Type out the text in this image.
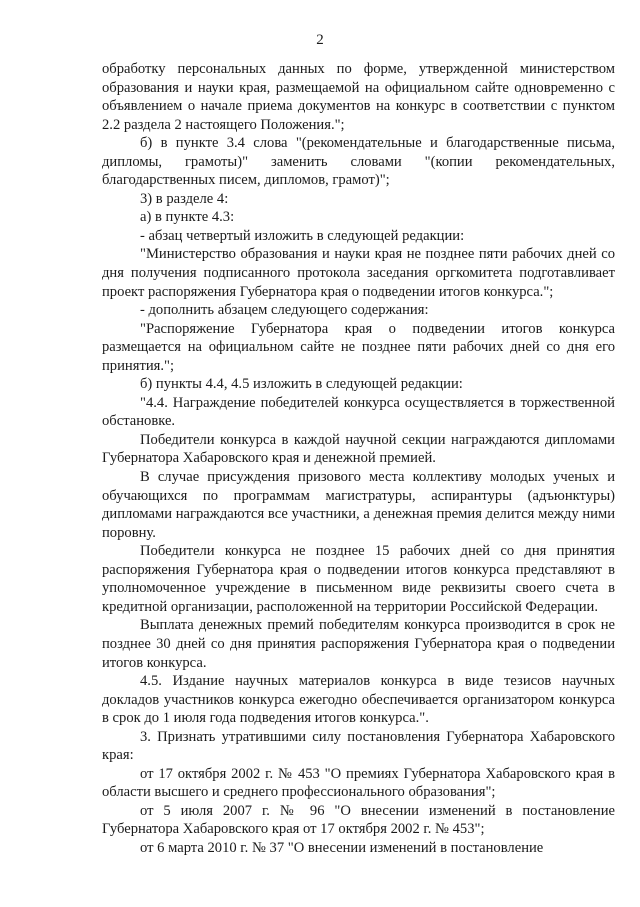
2

обработку персональных данных по форме, утвержденной министерством образования и науки края, размещаемой на официальном сайте одновременно с объявлением о начале приема документов на конкурс в соответствии с пунктом 2.2 раздела 2 настоящего Положения.";

б) в пункте 3.4 слова "(рекомендательные и благодарственные письма, дипломы, грамоты)" заменить словами "(копии рекомендательных, благодарственных писем, дипломов, грамот)";

3) в разделе 4:

а) в пункте 4.3:

- абзац четвертый изложить в следующей редакции:

"Министерство образования и науки края не позднее пяти рабочих дней со дня получения подписанного протокола заседания оргкомитета подготавливает проект распоряжения Губернатора края о подведении итогов конкурса.";

- дополнить абзацем следующего содержания:

"Распоряжение Губернатора края о подведении итогов конкурса размещается на официальном сайте не позднее пяти рабочих дней со дня его принятия.";

б) пункты 4.4, 4.5 изложить в следующей редакции:

"4.4. Награждение победителей конкурса осуществляется в торжественной обстановке.

Победители конкурса в каждой научной секции награждаются дипломами Губернатора Хабаровского края и денежной премией.

В случае присуждения призового места коллективу молодых ученых и обучающихся по программам магистратуры, аспирантуры (адъюнктуры) дипломами награждаются все участники, а денежная премия делится между ними поровну.

Победители конкурса не позднее 15 рабочих дней со дня принятия распоряжения Губернатора края о подведении итогов конкурса представляют в уполномоченное учреждение в письменном виде реквизиты своего счета в кредитной организации, расположенной на территории Российской Федерации.

Выплата денежных премий победителям конкурса производится в срок не позднее 30 дней со дня принятия распоряжения Губернатора края о подведении итогов конкурса.

4.5. Издание научных материалов конкурса в виде тезисов научных докладов участников конкурса ежегодно обеспечивается организатором конкурса в срок до 1 июля года подведения итогов конкурса.".

3. Признать утратившими силу постановления Губернатора Хабаровского края:

от 17 октября 2002 г. № 453 "О премиях Губернатора Хабаровского края в области высшего и среднего профессионального образования";

от 5 июля 2007 г. № 96 "О внесении изменений в постановление Губернатора Хабаровского края от 17 октября 2002 г. № 453";

от 6 марта 2010 г. № 37 "О внесении изменений в постановление
